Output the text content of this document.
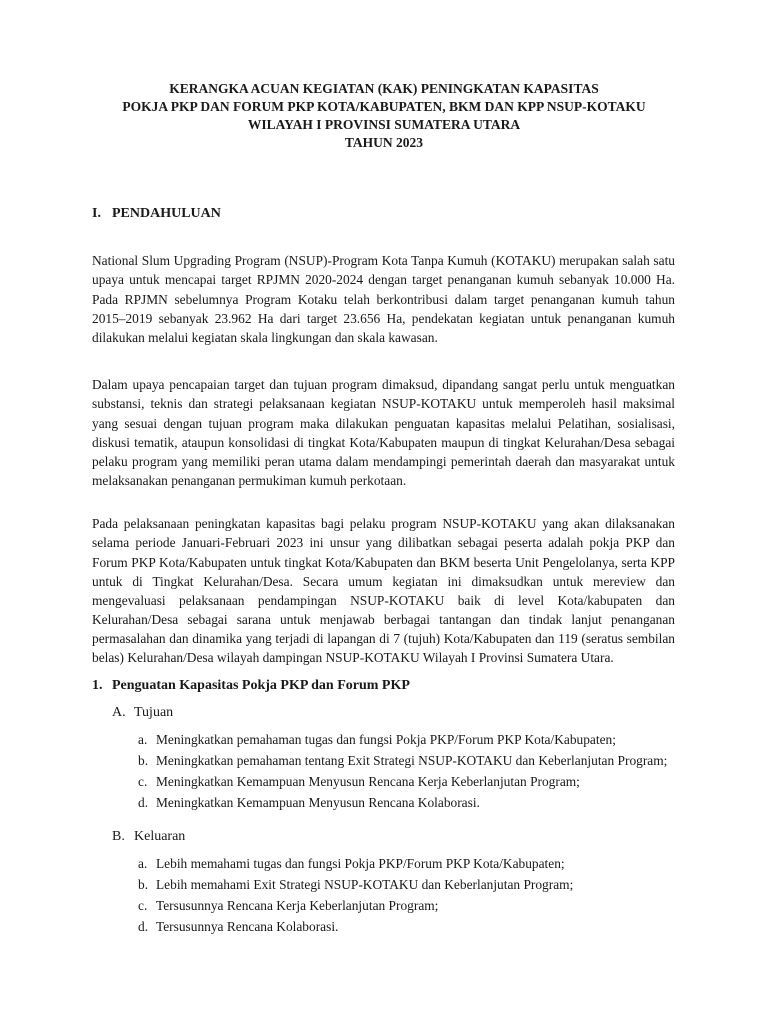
KERANGKA ACUAN KEGIATAN (KAK) PENINGKATAN KAPASITAS
POKJA PKP DAN FORUM PKP KOTA/KABUPATEN, BKM DAN KPP NSUP-KOTAKU
WILAYAH I PROVINSI SUMATERA UTARA
TAHUN 2023
I. PENDAHULUAN

National Slum Upgrading Program (NSUP)-Program Kota Tanpa Kumuh (KOTAKU) merupakan salah satu upaya untuk mencapai target RPJMN 2020-2024 dengan target penanganan kumuh sebanyak 10.000 Ha. Pada RPJMN sebelumnya Program Kotaku telah berkontribusi dalam target penanganan kumuh tahun 2015–2019 sebanyak 23.962 Ha dari target 23.656 Ha, pendekatan kegiatan untuk penanganan kumuh dilakukan melalui kegiatan skala lingkungan dan skala kawasan.

Dalam upaya pencapaian target dan tujuan program dimaksud, dipandang sangat perlu untuk menguatkan substansi, teknis dan strategi pelaksanaan kegiatan NSUP-KOTAKU untuk memperoleh hasil maksimal yang sesuai dengan tujuan program maka dilakukan penguatan kapasitas melalui Pelatihan, sosialisasi, diskusi tematik, ataupun konsolidasi di tingkat Kota/Kabupaten maupun di tingkat Kelurahan/Desa sebagai pelaku program yang memiliki peran utama dalam mendampingi pemerintah daerah dan masyarakat untuk melaksanakan penanganan permukiman kumuh perkotaan.

Pada pelaksanaan peningkatan kapasitas bagi pelaku program NSUP-KOTAKU yang akan dilaksanakan selama periode Januari-Februari 2023 ini unsur yang dilibatkan sebagai peserta adalah pokja PKP dan Forum PKP Kota/Kabupaten untuk tingkat Kota/Kabupaten dan BKM beserta Unit Pengelolanya, serta KPP untuk di Tingkat Kelurahan/Desa. Secara umum kegiatan ini dimaksudkan untuk mereview dan mengevaluasi pelaksanaan pendampingan NSUP-KOTAKU baik di level Kota/kabupaten dan Kelurahan/Desa sebagai sarana untuk menjawab berbagai tantangan dan tindak lanjut penanganan permasalahan dan dinamika yang terjadi di lapangan di 7 (tujuh) Kota/Kabupaten dan 119 (seratus sembilan belas) Kelurahan/Desa wilayah dampingan NSUP-KOTAKU Wilayah I Provinsi Sumatera Utara.

1. Penguatan Kapasitas Pokja PKP dan Forum PKP
A. Tujuan
a. Meningkatkan pemahaman tugas dan fungsi Pokja PKP/Forum PKP Kota/Kabupaten;
b. Meningkatkan pemahaman tentang Exit Strategi NSUP-KOTAKU dan Keberlanjutan Program;
c. Meningkatkan Kemampuan Menyusun Rencana Kerja Keberlanjutan Program;
d. Meningkatkan Kemampuan Menyusun Rencana Kolaborasi.
B. Keluaran
a. Lebih memahami tugas dan fungsi Pokja PKP/Forum PKP Kota/Kabupaten;
b. Lebih memahami Exit Strategi NSUP-KOTAKU dan Keberlanjutan Program;
c. Tersusunnya Rencana Kerja Keberlanjutan Program;
d. Tersusunnya Rencana Kolaborasi.
